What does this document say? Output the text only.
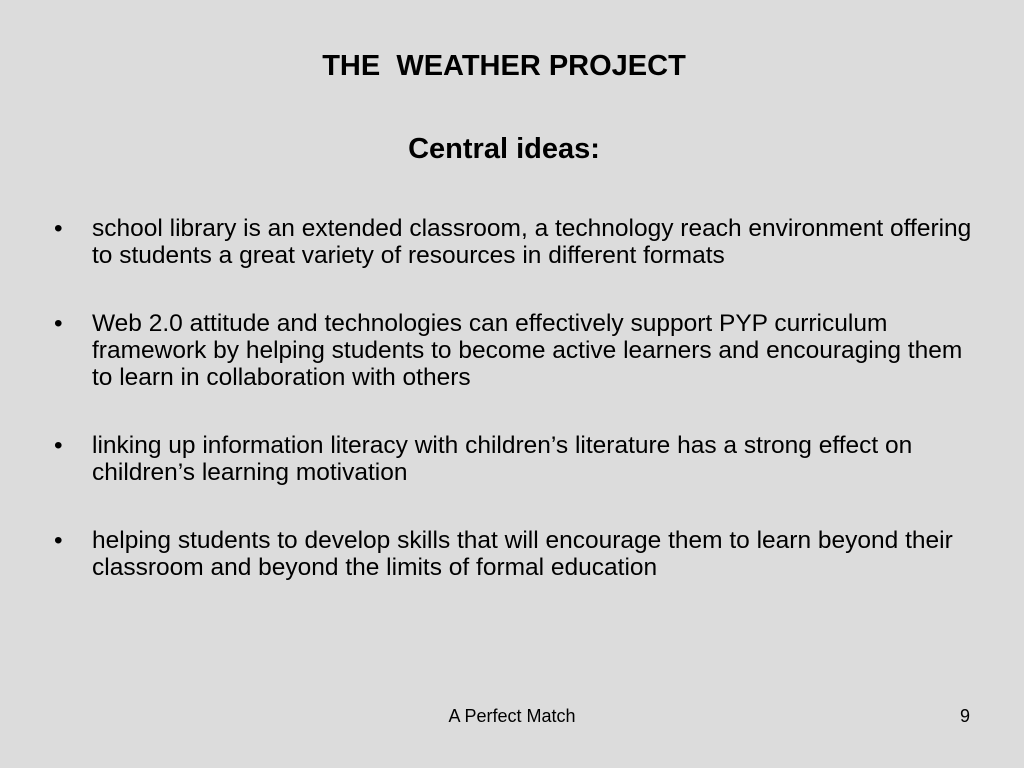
THE  WEATHER PROJECT
Central ideas:
•	school library is an extended classroom, a technology reach environment offering to students a great variety of resources in different formats
•	Web 2.0 attitude and technologies can effectively support PYP curriculum framework by helping students to become active learners and encouraging them to learn in collaboration with others
•	linking up information literacy with children’s literature has a strong effect on children’s learning motivation
•	helping students to develop skills that will encourage them to learn beyond their classroom and beyond the limits of formal education
A Perfect Match	9
